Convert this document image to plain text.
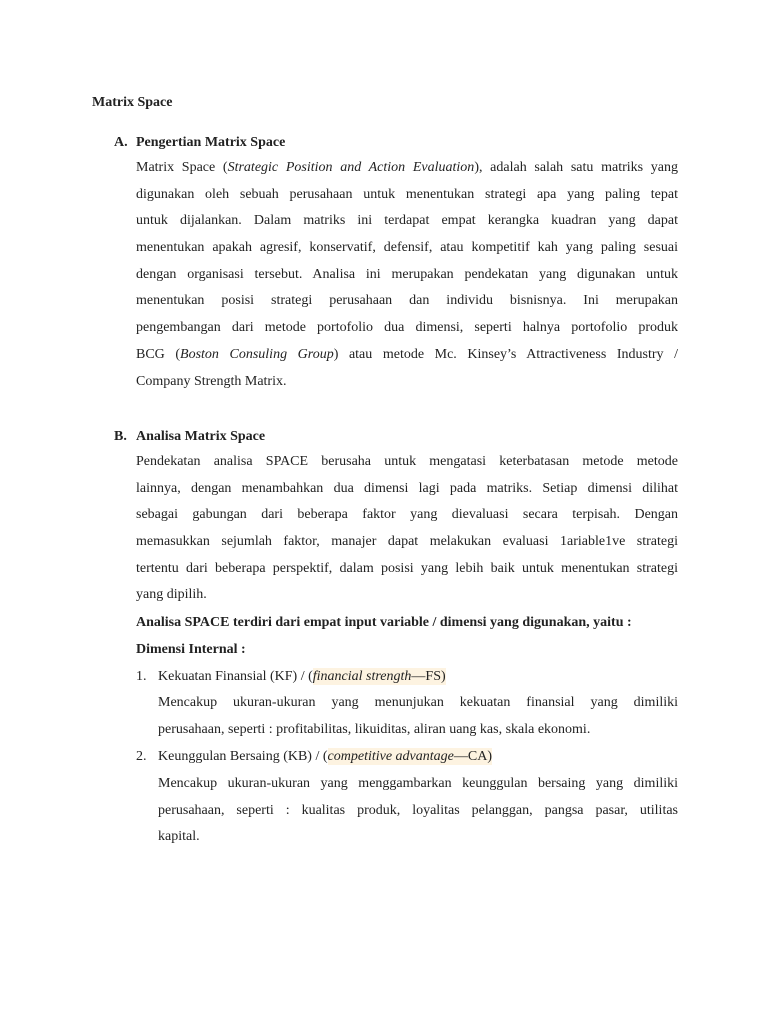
Matrix Space
A. Pengertian Matrix Space
Matrix Space (Strategic Position and Action Evaluation), adalah salah satu matriks yang
digunakan oleh sebuah perusahaan untuk menentukan strategi apa yang paling tepat
untuk dijalankan. Dalam matriks ini terdapat empat kerangka kuadran yang dapat
menentukan apakah agresif, konservatif, defensif, atau kompetitif kah yang paling sesuai
dengan organisasi tersebut. Analisa ini merupakan pendekatan yang digunakan untuk
menentukan posisi strategi perusahaan dan individu bisnisnya. Ini merupakan
pengembangan dari metode portofolio dua dimensi, seperti halnya portofolio produk
BCG (Boston Consuling Group) atau metode Mc. Kinsey’s Attractiveness Industry /
Company Strength Matrix.
B. Analisa Matrix Space
Pendekatan analisa SPACE berusaha untuk mengatasi keterbatasan metode metode
lainnya, dengan menambahkan dua dimensi lagi pada matriks. Setiap dimensi dilihat
sebagai gabungan dari beberapa faktor yang dievaluasi secara terpisah. Dengan
memasukkan sejumlah faktor, manajer dapat melakukan evaluasi 1ariable1ve strategi
tertentu dari beberapa perspektif, dalam posisi yang lebih baik untuk menentukan strategi
yang dipilih.
Analisa SPACE terdiri dari empat input variable / dimensi yang digunakan, yaitu :
Dimensi Internal :
1. Kekuatan Finansial (KF) / (financial strength—FS)
Mencakup ukuran-ukuran yang menunjukan kekuatan finansial yang dimiliki
perusahaan, seperti : profitabilitas, likuiditas, aliran uang kas, skala ekonomi.
2. Keunggulan Bersaing (KB) / (competitive advantage—CA)
Mencakup ukuran-ukuran yang menggambarkan keunggulan bersaing yang dimiliki
perusahaan, seperti : kualitas produk, loyalitas pelanggan, pangsa pasar, utilitas
kapital.
